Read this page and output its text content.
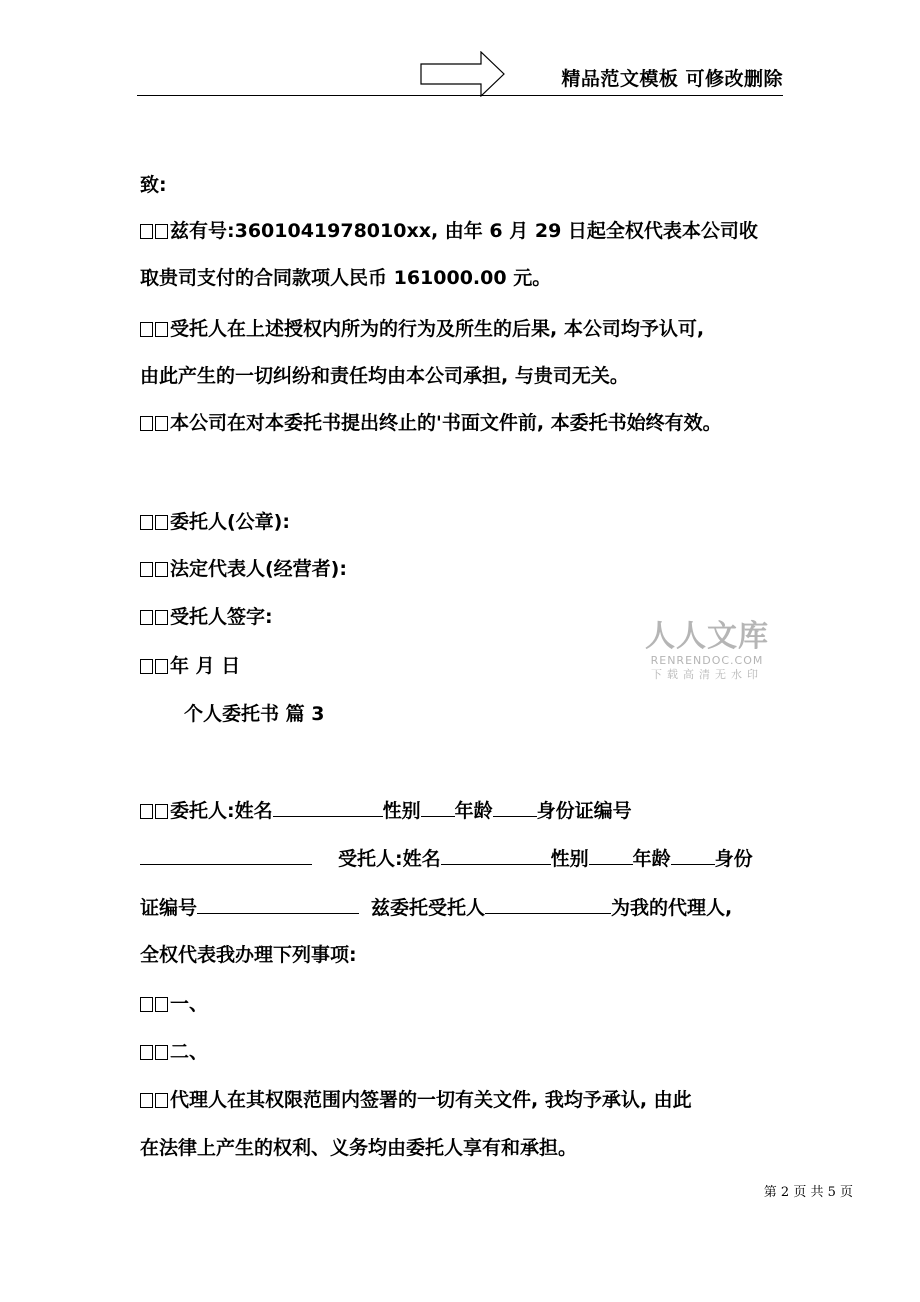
精品范文模板 可修改删除
致:
兹有号:3601041978010xx, 由年 6 月 29 日起全权代表本公司收
取贵司支付的合同款项人民币 161000.00 元。
受托人在上述授权内所为的行为及所生的后果, 本公司均予认可,
由此产生的一切纠纷和责任均由本公司承担, 与贵司无关。
本公司在对本委托书提出终止的'书面文件前, 本委托书始终有效。
委托人(公章):
法定代表人(经营者):
受托人签字:
年 月 日
人人文库
RENRENDOC.COM
下载高清无水印
个人委托书 篇 3
委托人:姓名	性别 年龄 身份证编号
受托人:姓名	性别 年龄 身份
证编号	兹委托受托人	为我的代理人,
全权代表我办理下列事项:
一、
二、
代理人在其权限范围内签署的一切有关文件, 我均予承认, 由此
在法律上产生的权利、义务均由委托人享有和承担。
第 2 页 共 5 页
